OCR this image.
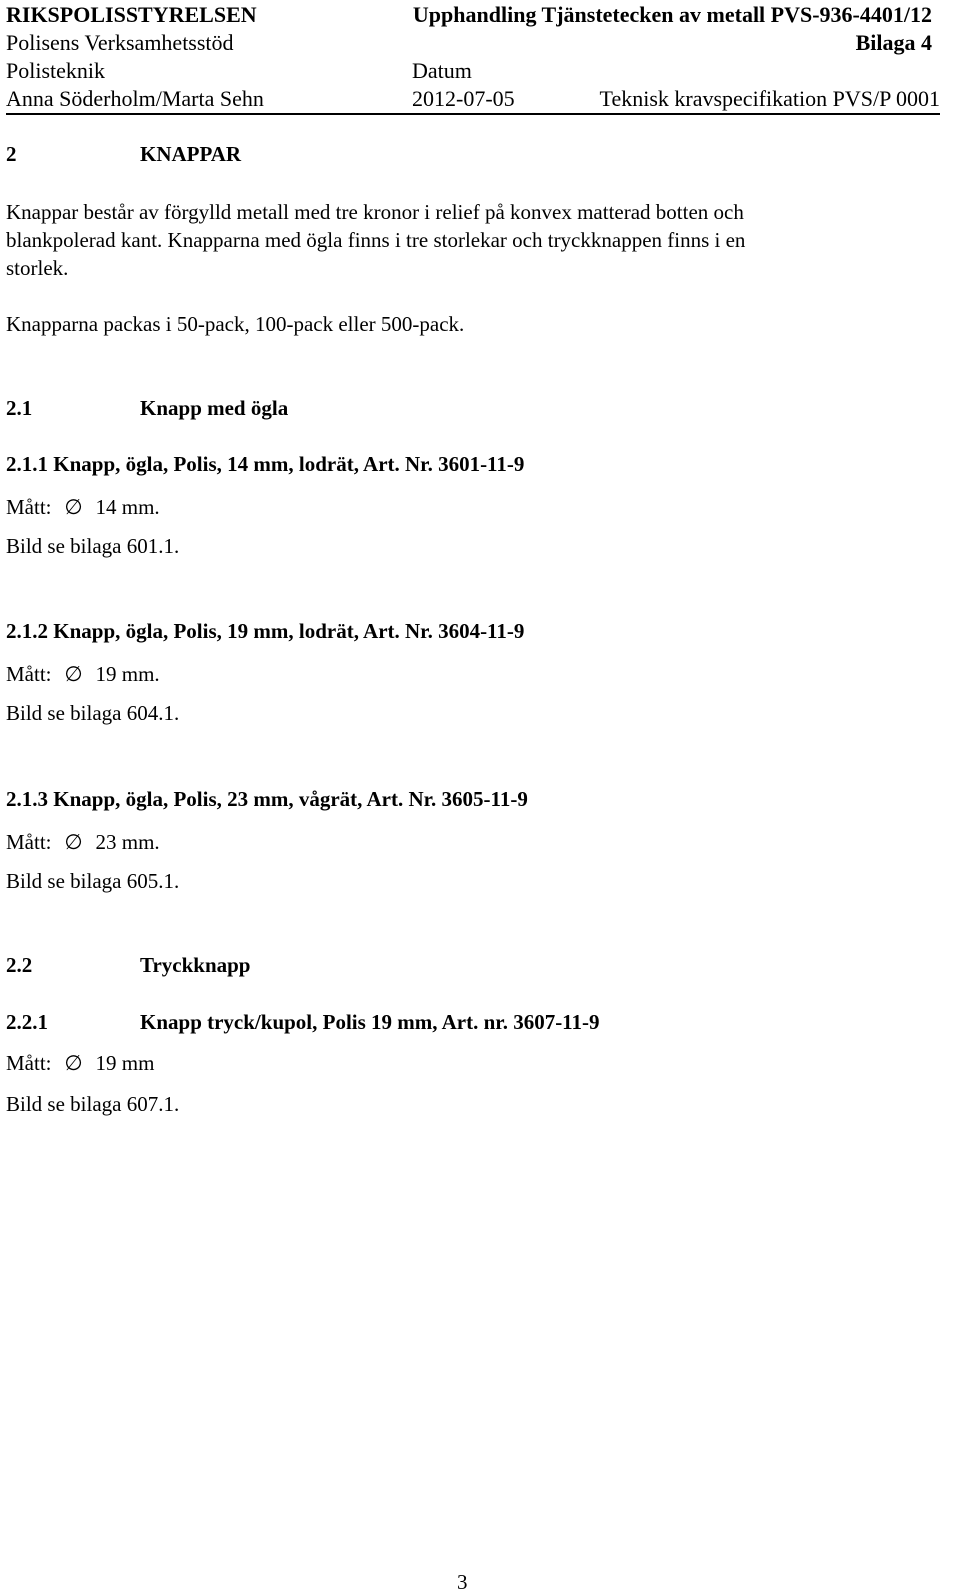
RIKSPOLISSTYRELSEN	Upphandling Tjänstetecken av metall PVS-936-4401/12
Polisens Verksamhetsstöd	Bilaga 4
Polisteknik	Datum
Anna Söderholm/Marta Sehn	2012-07-05	Teknisk kravspecifikation PVS/P 0001
2	KNAPPAR
Knappar består av förgylld metall med tre kronor i relief på konvex matterad botten och
blankpolerad kant. Knapparna med ögla finns i tre storlekar och tryckknappen finns i en
storlek.
Knapparna packas i 50-pack, 100-pack eller 500-pack.
2.1	Knapp med ögla
2.1.1 Knapp, ögla, Polis, 14 mm, lodrät, Art. Nr. 3601-11-9
Mått: ∅ 14 mm.
Bild se bilaga 601.1.
2.1.2 Knapp, ögla, Polis, 19 mm, lodrät, Art. Nr. 3604-11-9
Mått: ∅ 19 mm.
Bild se bilaga 604.1.
2.1.3 Knapp, ögla, Polis, 23 mm, vågrät, Art. Nr. 3605-11-9
Mått: ∅ 23 mm.
Bild se bilaga 605.1.
2.2	Tryckknapp
2.2.1	Knapp tryck/kupol, Polis 19 mm, Art. nr. 3607-11-9
Mått: ∅ 19 mm
Bild se bilaga 607.1.
3
